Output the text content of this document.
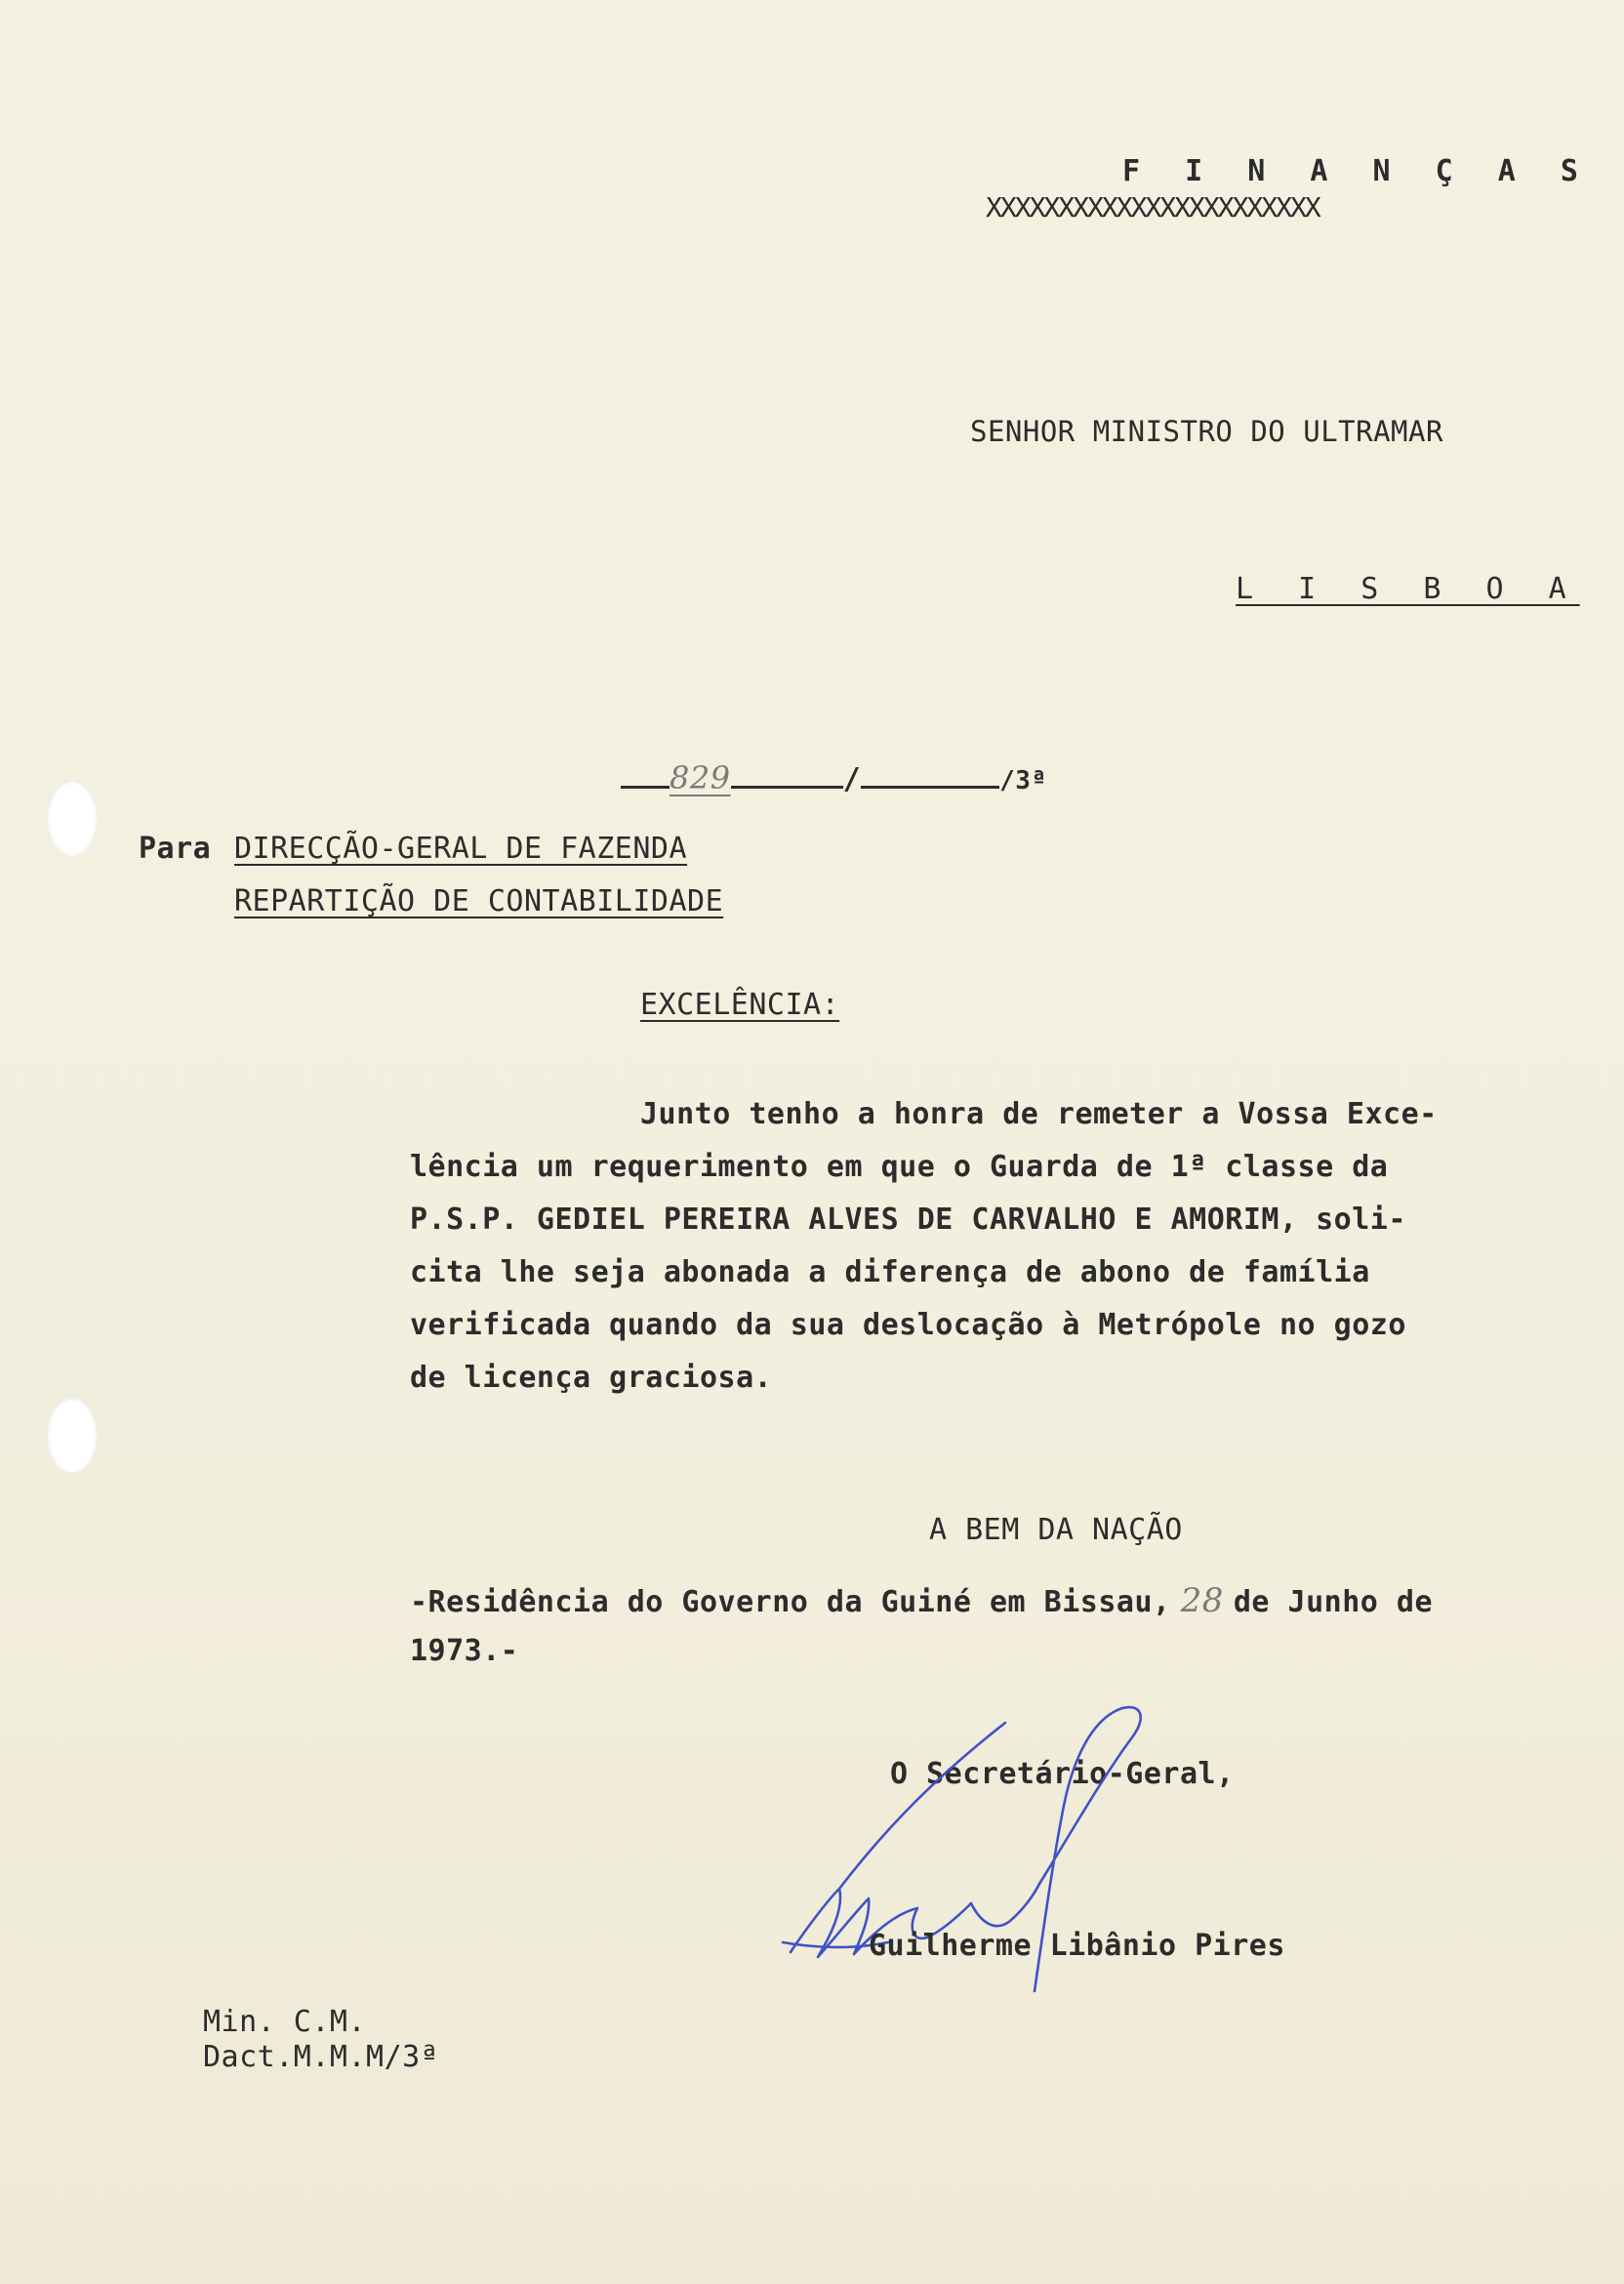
F I N A N Ç A S
XXXXXXXXXXXXXXXXXXXXXXX
SENHOR MINISTRO DO ULTRAMAR
L I S B O A
829	/	/3ª
Para DIRECÇÃO-GERAL DE FAZENDA
REPARTIÇÃO DE CONTABILIDADE
EXCELÊNCIA:
Junto tenho a honra de remeter a Vossa Exce-
lência um requerimento em que o Guarda de 1ª classe da
P.S.P. GEDIEL PEREIRA ALVES DE CARVALHO E AMORIM, soli-
cita lhe seja abonada a diferença de abono de família
verificada quando da sua deslocação à Metrópole no gozo
de licença graciosa.
A BEM DA NAÇÃO
-Residência do Governo da Guiné em Bissau, 28 de Junho de
1973.-
O Secretário-Geral,
Guilherme Libânio Pires
Min. C.M.
Dact.M.M.M/3ª
